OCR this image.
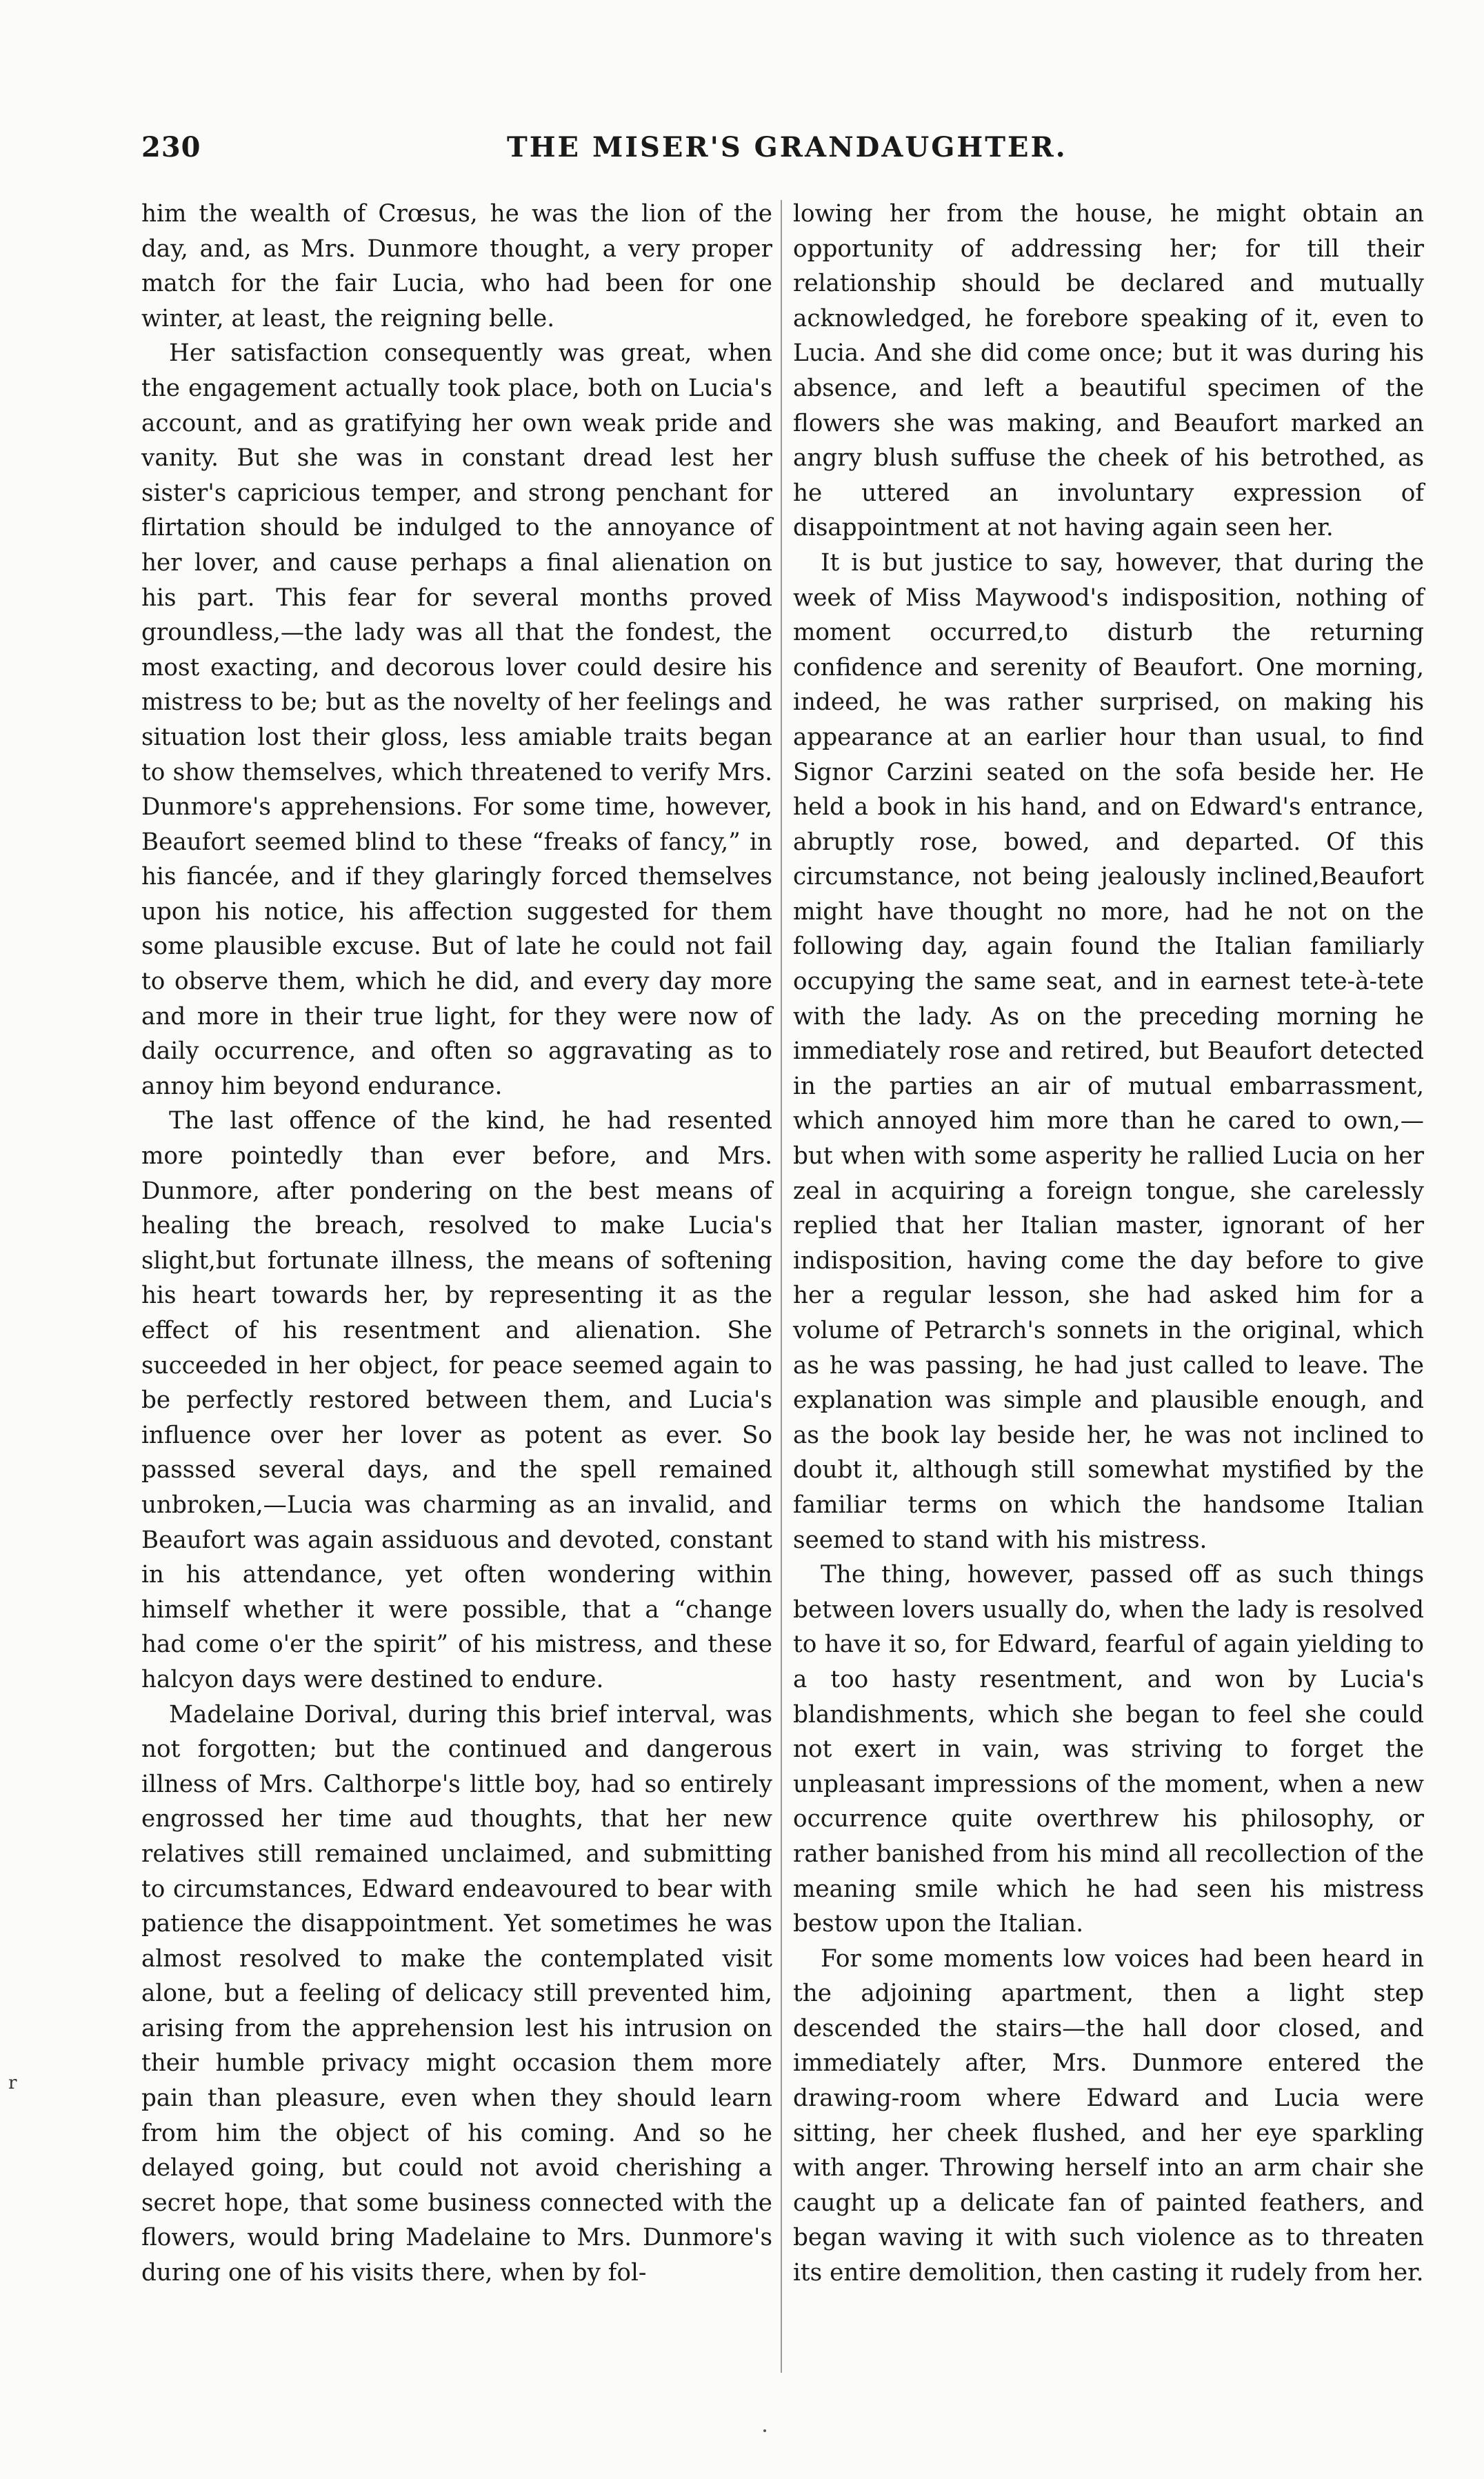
230	THE MISER'S GRANDAUGHTER.

him the wealth of Crœsus, he was the lion of the day, and, as Mrs. Dunmore thought, a very proper match for the fair Lucia, who had been for one winter, at least, the reigning belle.

Her satisfaction consequently was great, when the engagement actually took place, both on Lucia's account, and as gratifying her own weak pride and vanity. But she was in constant dread lest her sister's capricious temper, and strong penchant for flirtation should be indulged to the annoyance of her lover, and cause perhaps a final alienation on his part. This fear for several months proved groundless,—the lady was all that the fondest, the most exacting, and decorous lover could desire his mistress to be; but as the novelty of her feelings and situation lost their gloss, less amiable traits began to show themselves, which threatened to verify Mrs. Dunmore's apprehensions. For some time, however, Beaufort seemed blind to these “freaks of fancy,” in his fiancée, and if they glaringly forced themselves upon his notice, his affection suggested for them some plausible excuse. But of late he could not fail to observe them, which he did, and every day more and more in their true light, for they were now of daily occurrence, and often so aggravating as to annoy him beyond endurance.

The last offence of the kind, he had resented more pointedly than ever before, and Mrs. Dunmore, after pondering on the best means of healing the breach, resolved to make Lucia's slight,but fortunate illness, the means of softening his heart towards her, by representing it as the effect of his resentment and alienation. She succeeded in her object, for peace seemed again to be perfectly restored between them, and Lucia's influence over her lover as potent as ever. So passsed several days, and the spell remained unbroken,—Lucia was charming as an invalid, and Beaufort was again assiduous and devoted, constant in his attendance, yet often wondering within himself whether it were possible, that a “change had come o'er the spirit” of his mistress, and these halcyon days were destined to endure.

Madelaine Dorival, during this brief interval, was not forgotten; but the continued and dangerous illness of Mrs. Calthorpe's little boy, had so entirely engrossed her time aud thoughts, that her new relatives still remained unclaimed, and submitting to circumstances, Edward endeavoured to bear with patience the disappointment. Yet sometimes he was almost resolved to make the contemplated visit alone, but a feeling of delicacy still prevented him, arising from the apprehension lest his intrusion on their humble privacy might occasion them more pain than pleasure, even when they should learn from him the object of his coming. And so he delayed going, but could not avoid cherishing a secret hope, that some business connected with the flowers, would bring Madelaine to Mrs. Dunmore's during one of his visits there, when by fol-

lowing her from the house, he might obtain an opportunity of addressing her; for till their relationship should be declared and mutually acknowledged, he forebore speaking of it, even to Lucia. And she did come once; but it was during his absence, and left a beautiful specimen of the flowers she was making, and Beaufort marked an angry blush suffuse the cheek of his betrothed, as he uttered an involuntary expression of disappointment at not having again seen her.

It is but justice to say, however, that during the week of Miss Maywood's indisposition, nothing of moment occurred,to disturb the returning confidence and serenity of Beaufort. One morning, indeed, he was rather surprised, on making his appearance at an earlier hour than usual, to find Signor Carzini seated on the sofa beside her. He held a book in his hand, and on Edward's entrance, abruptly rose, bowed, and departed. Of this circumstance, not being jealously inclined,Beaufort might have thought no more, had he not on the following day, again found the Italian familiarly occupying the same seat, and in earnest tete-à-tete with the lady. As on the preceding morning he immediately rose and retired, but Beaufort detected in the parties an air of mutual embarrassment, which annoyed him more than he cared to own,—but when with some asperity he rallied Lucia on her zeal in acquiring a foreign tongue, she carelessly replied that her Italian master, ignorant of her indisposition, having come the day before to give her a regular lesson, she had asked him for a volume of Petrarch's sonnets in the original, which as he was passing, he had just called to leave. The explanation was simple and plausible enough, and as the book lay beside her, he was not inclined to doubt it, although still somewhat mystified by the familiar terms on which the handsome Italian seemed to stand with his mistress.

The thing, however, passed off as such things between lovers usually do, when the lady is resolved to have it so, for Edward, fearful of again yielding to a too hasty resentment, and won by Lucia's blandishments, which she began to feel she could not exert in vain, was striving to forget the unpleasant impressions of the moment, when a new occurrence quite overthrew his philosophy, or rather banished from his mind all recollection of the meaning smile which he had seen his mistress bestow upon the Italian.

For some moments low voices had been heard in the adjoining apartment, then a light step descended the stairs—the hall door closed, and immediately after, Mrs. Dunmore entered the drawing-room where Edward and Lucia were sitting, her cheek flushed, and her eye sparkling with anger. Throwing herself into an arm chair she caught up a delicate fan of painted feathers, and began waving it with such violence as to threaten its entire demolition, then casting it rudely from her.

r
